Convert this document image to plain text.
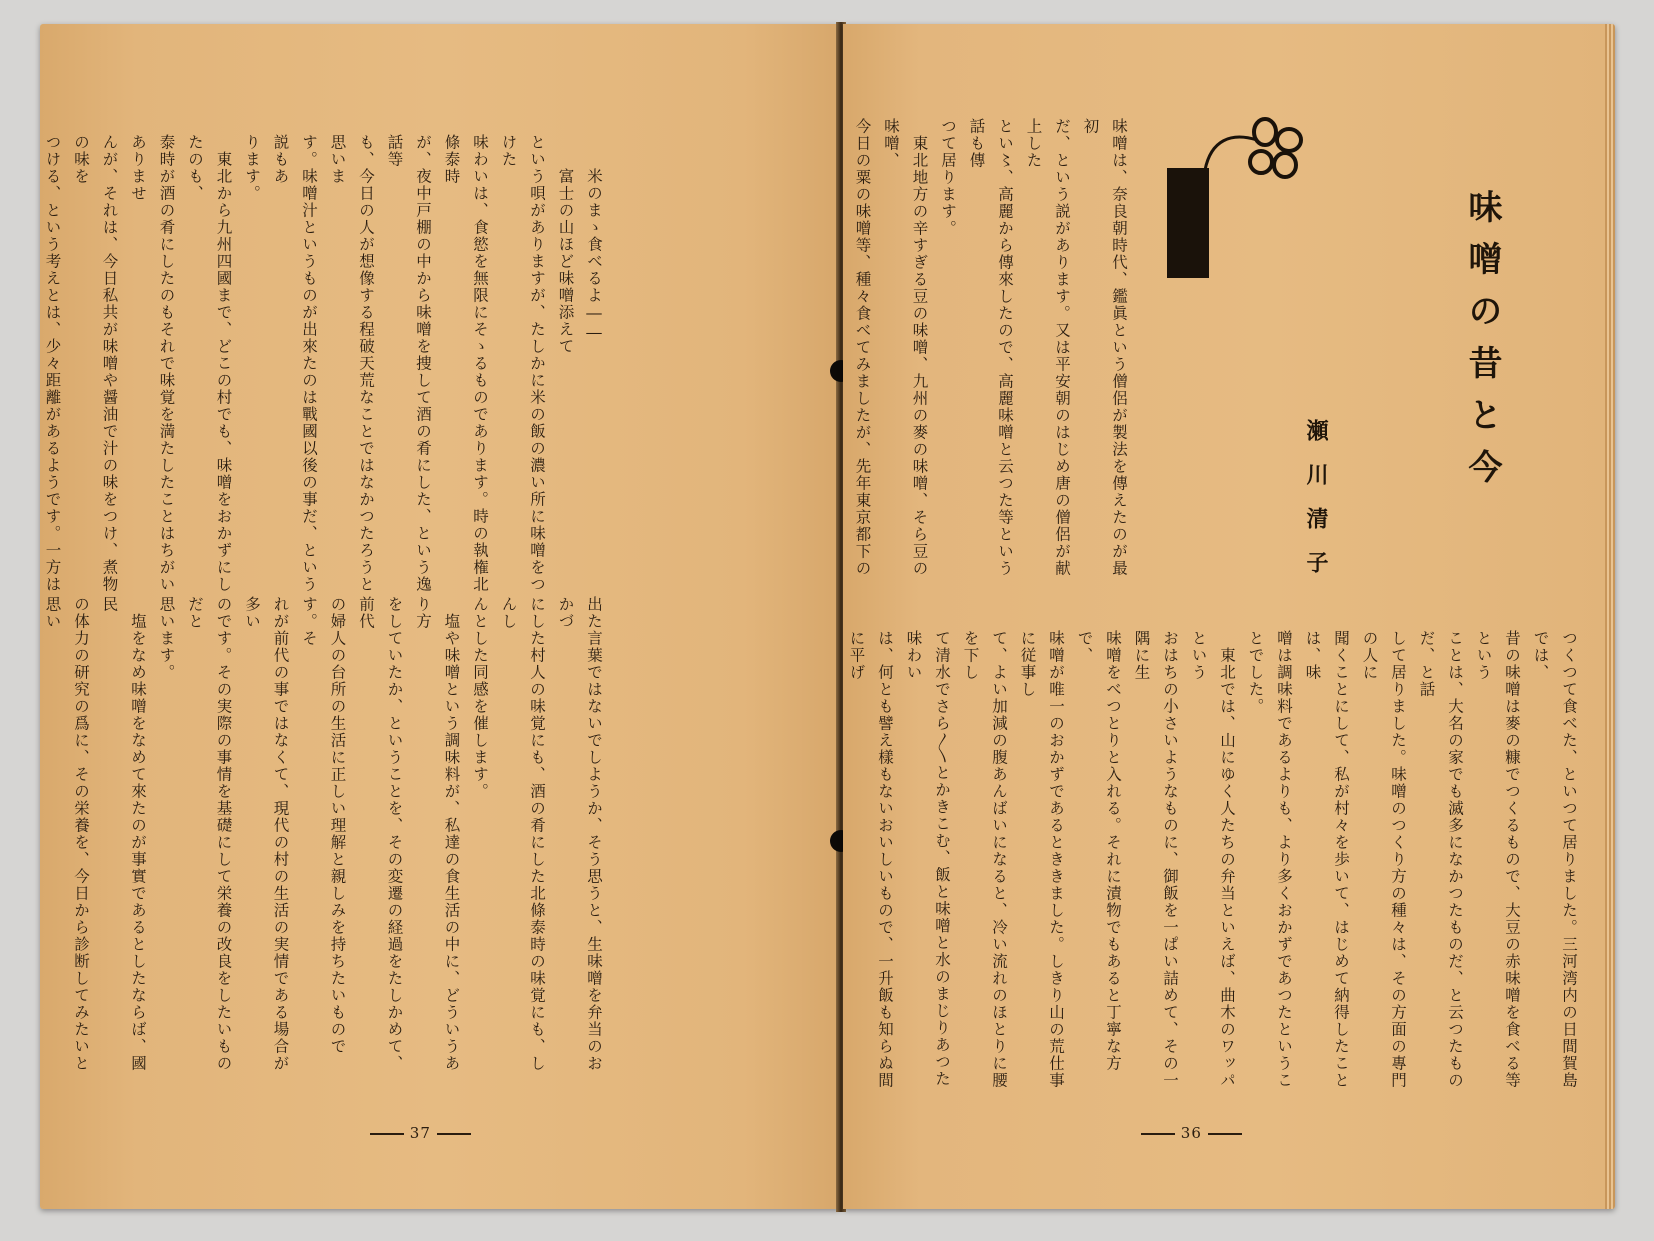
　　米のまゝ食べるよ――

　　富士の山ほど味噌添えて

という唄がありますが、たしかに米の飯の濃い所に味噌をつけた

味わいは、食慾を無限にそゝるものであります。時の執権北條泰時

が、夜中戸棚の中から味噌を捜して酒の肴にした、という逸話等

も、今日の人が想像する程破天荒なことではなかつたろうと思いま

す。味噌汁というものが出來たのは戰國以後の事だ、という説もあ

ります。

　東北から九州四國まで、どこの村でも、味噌をおかずにしたのも、

泰時が酒の肴にしたのもそれで味覚を満たしたことはちがいありませ

んが、それは、今日私共が味噌や醤油で汁の味をつけ、煮物の味を

つける、という考えとは、少々距離があるようです。一方は

出た言葉ではないでしようか、そう思うと、生味噌を弁当のおかづ

にした村人の味覚にも、酒の肴にした北條泰時の味覚にも、しんし

んとした同感を催します。

　塩や味噌という調味料が、私達の食生活の中に、どういうあり方

をしていたか、ということを、その変遷の経過をたしかめて、前代

の婦人の台所の生活に正しい理解と親しみを持ちたいものです。そ

れが前代の事ではなくて、現代の村の生活の実情である場合が多い

のです。その実際の事情を基礎にして栄養の改良をしたいものだと

思います。

　塩をなめ味噌をなめて來たのが事實であるとしたならば、國民

の体力の研究の爲に、その栄養を、今日から診断してみたいと思い

37
味噌の昔と今
瀬川清子

味噌は、奈良朝時代、鑑眞という僧侶が製法を傳えたのが最初

だ、という説があります。又は平安朝のはじめ唐の僧侶が献上した

とい〻、高麗から傳來したので、高麗味噌と云つた等という話も傳

つて居ります。

　東北地方の辛すぎる豆の味噌、九州の麥の味噌、そら豆の味噌、

今日の粟の味噌等、種々食べてみましたが、先年東京都下の

つくつて食べた、といつて居りました。三河湾内の日間賀島では、

昔の味噌は麥の糠でつくるもので、大豆の赤味噌を食べる等という

ことは、大名の家でも滅多になかつたものだ、と云つたものだ、と話

して居りました。味噌のつくり方の種々は、その方面の專門の人に

聞くことにして、私が村々を歩いて、はじめて納得したことは、味

噌は調味料であるよりも、より多くおかずであつたということでした。

　東北では、山にゆく人たちの弁当といえば、曲木のワッパという

おはちの小さいようなものに、御飯を一ぱい詰めて、その一隅に生

味噌をべつとりと入れる。それに漬物でもあると丁寧な方で、

味噌が唯一のおかずであるとききました。しきり山の荒仕事に従事し

て、よい加減の腹あんばいになると、冷い流れのほとりに腰を下し

て清水でさら〳〵とかきこむ、飯と味噌と水のまじりあつた味わい

は、何とも譬え樣もないおいしいもので、一升飯も知らぬ間に平げ

36
